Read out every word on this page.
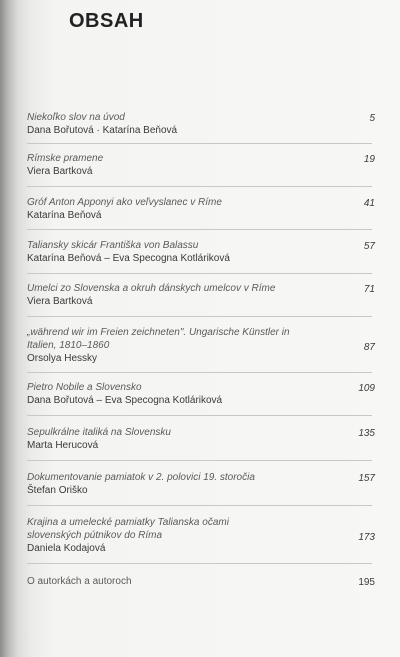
OBSAH
Niekoľko slov na úvod
Dana Bořutová · Katarína Beňová
5
Rímske pramene
Viera Bartková
19
Gróf Anton Apponyi ako veľvyslanec v Ríme
Katarína Beňová
41
Taliansky skicár Františka von Balassu
Katarína Beňová – Eva Specogna Kotláriková
57
Umelci zo Slovenska a okruh dánskych umelcov v Ríme
Viera Bartková
71
„während wir im Freien zeichneten". Ungarische Künstler in Italien, 1810–1860
Orsolya Hessky
87
Pietro Nobile a Slovensko
Dana Bořutová – Eva Specogna Kotláriková
109
Sepulkrálne italiká na Slovensku
Marta Herucová
135
Dokumentovanie pamiatok v 2. polovici 19. storočia
Štefan Oriško
157
Krajina a umelecké pamiatky Talianska očami slovenských pútnikov do Ríma
Daniela Kodajová
173
O autorkách a autoroch	195
